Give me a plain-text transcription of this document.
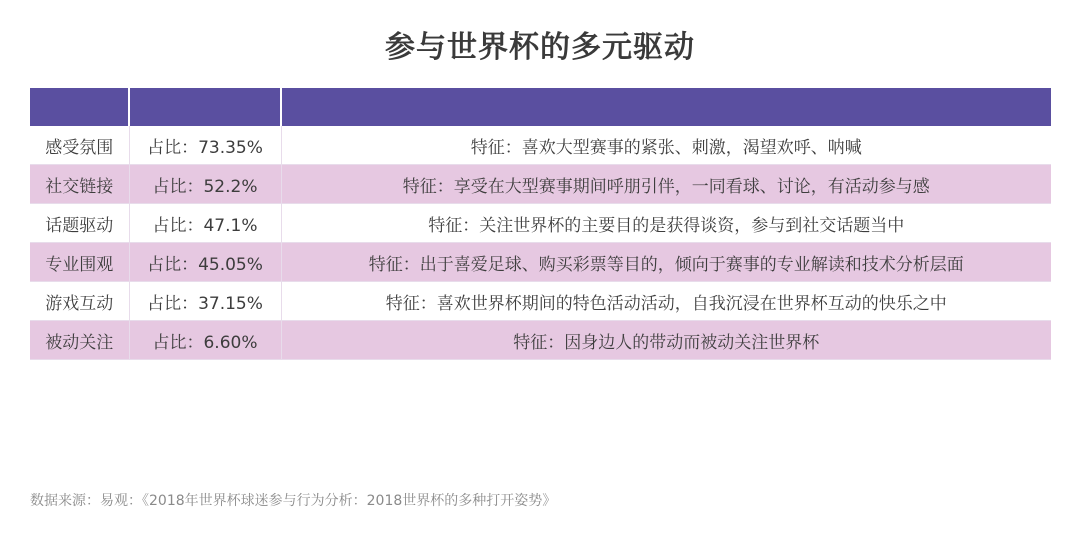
参与世界杯的多元驱动

感受氛围	占比：73.35%	特征：喜欢大型赛事的紧张、刺激，渴望欢呼、呐喊
社交链接	占比：52.2%	特征：享受在大型赛事期间呼朋引伴，一同看球、讨论，有活动参与感
话题驱动	占比：47.1%	特征：关注世界杯的主要目的是获得谈资，参与到社交话题当中
专业围观	占比：45.05%	特征：出于喜爱足球、购买彩票等目的，倾向于赛事的专业解读和技术分析层面
游戏互动	占比：37.15%	特征：喜欢世界杯期间的特色活动活动，自我沉浸在世界杯互动的快乐之中
被动关注	占比：6.60%	特征：因身边人的带动而被动关注世界杯
数据来源：易观：《2018年世界杯球迷参与行为分析：2018世界杯的多种打开姿势》
